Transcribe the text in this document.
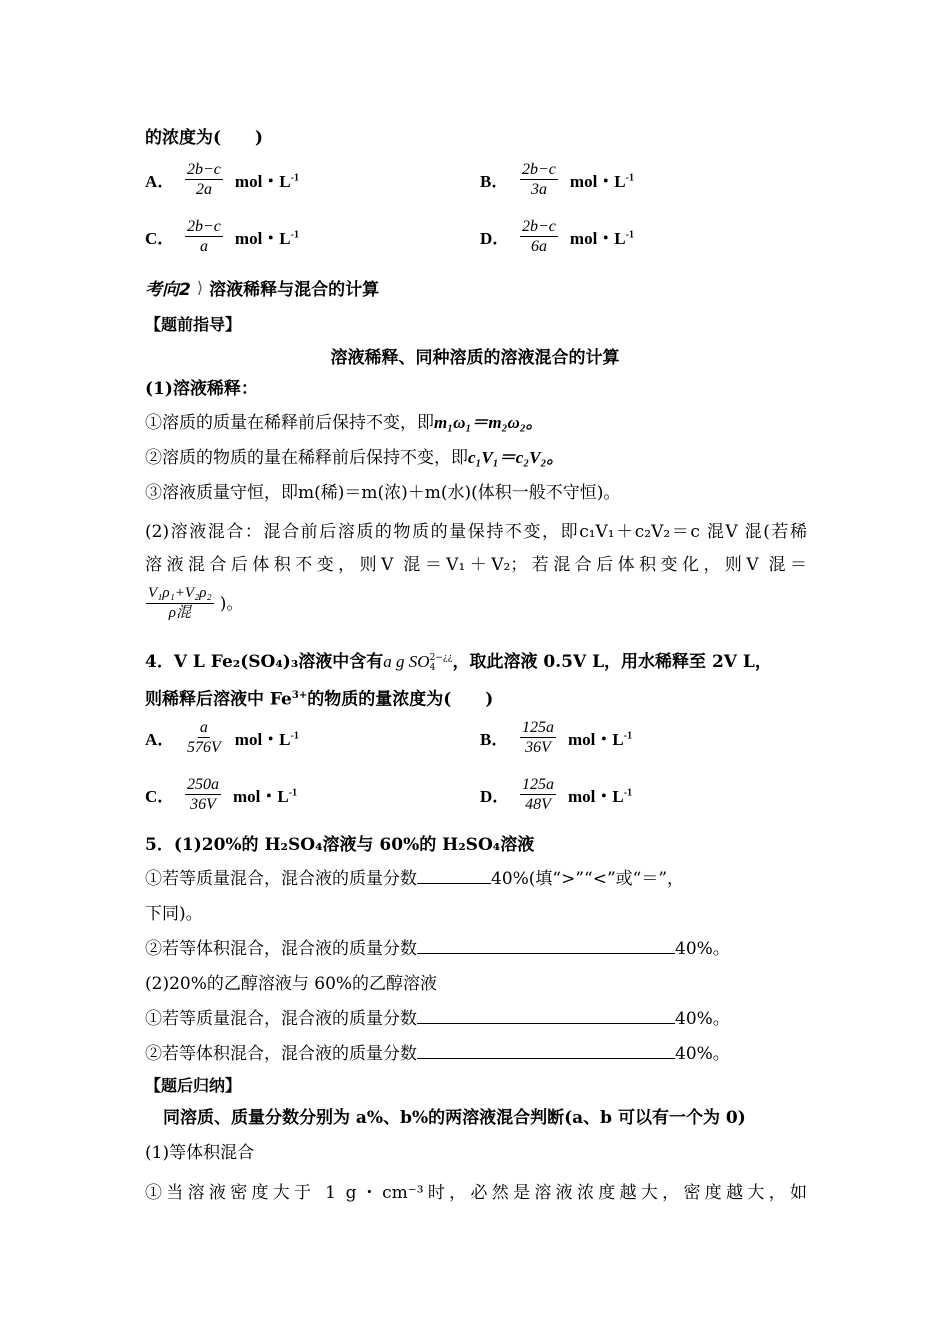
的浓度为(　　)
A． $\frac{2b-c}{2a}$ mol・$L^{-1}$	B． $\frac{2b-c}{3a}$ mol・$L^{-1}$
C． $\frac{2b-c}{a}$ mol・$L^{-1}$	D． $\frac{2b-c}{6a}$ mol・$L^{-1}$
考向2 ⟩ 溶液稀释与混合的计算
【题前指导】
溶液稀释、同种溶质的溶液混合的计算
(1)溶液稀释：
①溶质的质量在稀释前后保持不变，即m₁ω₁＝m₂ω₂。
②溶质的物质的量在稀释前后保持不变，即c₁V₁＝c₂V₂。
③溶液质量守恒，即m(稀)＝m(浓)＋m(水)(体积一般不守恒)。
(2)溶液混合：混合前后溶质的物质的量保持不变，即c₁V₁＋c₂V₂＝c 混V 混(若稀
溶液混合后体积不变，则V 混＝V₁＋V₂；若混合后体积变化，则V 混＝
$\frac{\text{V₁ρ₁+V₂ρ₂}}{\text{ρ混}}$ )。
4．V L Fe₂(SO₄)₃溶液中含有a g SO 2−¿¿
4	，取此溶液 0.5V L，用水稀释至 2V L，
则稀释后溶液中 $Fe^{3+}$的物质的量浓度为(　　)
A． $\frac{a}{576V}$ mol・$L^{-1}$	B． $\frac{125a}{36V}$ mol・$L^{-1}$
C． $\frac{250a}{36V}$ mol・$L^{-1}$	D． $\frac{125a}{48V}$ mol・$L^{-1}$
5．(1)20%的 H₂SO₄溶液与 60%的 H₂SO₄溶液
①若等质量混合，混合液的质量分数	40%(填“>”“<”或“＝”，
下同)。
②若等体积混合，混合液的质量分数	40%。
(2)20%的乙醇溶液与 60%的乙醇溶液
①若等质量混合，混合液的质量分数	40%。
②若等体积混合，混合液的质量分数	40%。
【题后归纳】
同溶质、质量分数分别为 a%、b%的两溶液混合判断(a、b 可以有一个为 0)
(1)等体积混合
①当溶液密度大于 1 g・cm⁻³时，必然是溶液浓度越大，密度越大，如
